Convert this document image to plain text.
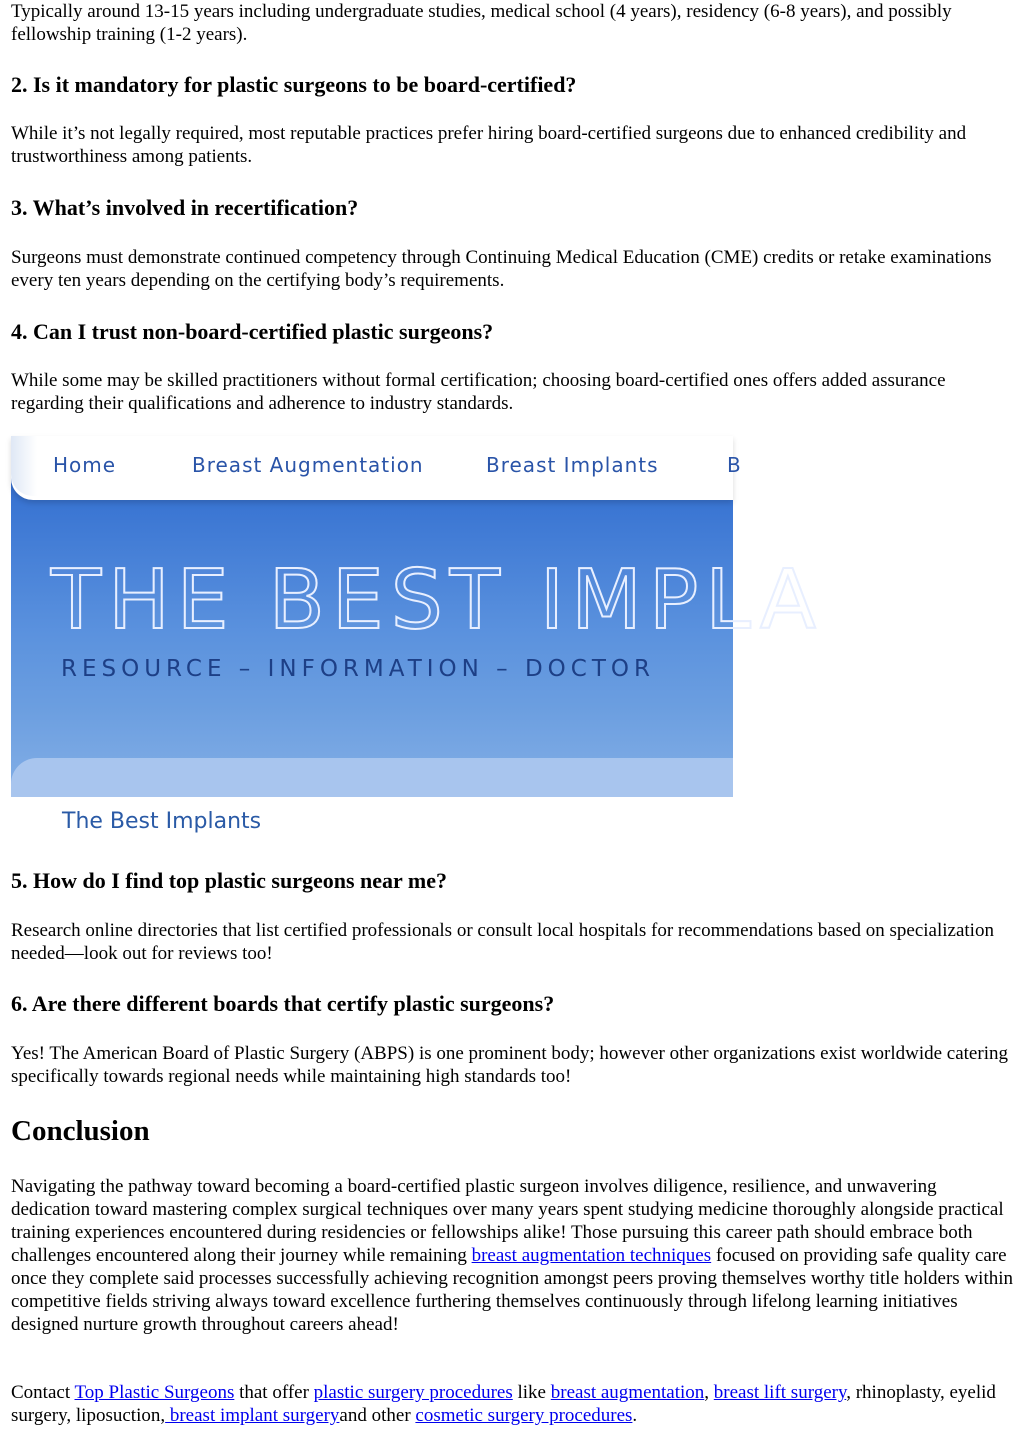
Typically around 13-15 years including undergraduate studies, medical school (4 years), residency (6-8 years), and possibly fellowship training (1-2 years).

2. Is it mandatory for plastic surgeons to be board-certified?

While it’s not legally required, most reputable practices prefer hiring board-certified surgeons due to enhanced credibility and trustworthiness among patients.

3. What’s involved in recertification?

Surgeons must demonstrate continued competency through Continuing Medical Education (CME) credits or retake examinations every ten years depending on the certifying body’s requirements.

4. Can I trust non-board-certified plastic surgeons?

While some may be skilled practitioners without formal certification; choosing board-certified ones offers added assurance regarding their qualifications and adherence to industry standards.

Home	Breast Augmentation	Breast Implants	B
THE BEST IMPLA
RESOURCE – INFORMATION – DOCTOR
The Best Implants
5. How do I find top plastic surgeons near me?

Research online directories that list certified professionals or consult local hospitals for recommendations based on specialization needed—look out for reviews too!

6. Are there different boards that certify plastic surgeons?

Yes! The American Board of Plastic Surgery (ABPS) is one prominent body; however other organizations exist worldwide catering specifically towards regional needs while maintaining high standards too!

Conclusion

Navigating the pathway toward becoming a board-certified plastic surgeon involves diligence, resilience, and unwavering dedication toward mastering complex surgical techniques over many years spent studying medicine thoroughly alongside practical training experiences encountered during residencies or fellowships alike! Those pursuing this career path should embrace both challenges encountered along their journey while remaining breast augmentation techniques focused on providing safe quality care once they complete said processes successfully achieving recognition amongst peers proving themselves worthy title holders within competitive fields striving always toward excellence furthering themselves continuously through lifelong learning initiatives designed nurture growth throughout careers ahead!

Contact Top Plastic Surgeons that offer plastic surgery procedures like breast augmentation, breast lift surgery, rhinoplasty, eyelid surgery, liposuction, breast implant surgeryand other cosmetic surgery procedures.
